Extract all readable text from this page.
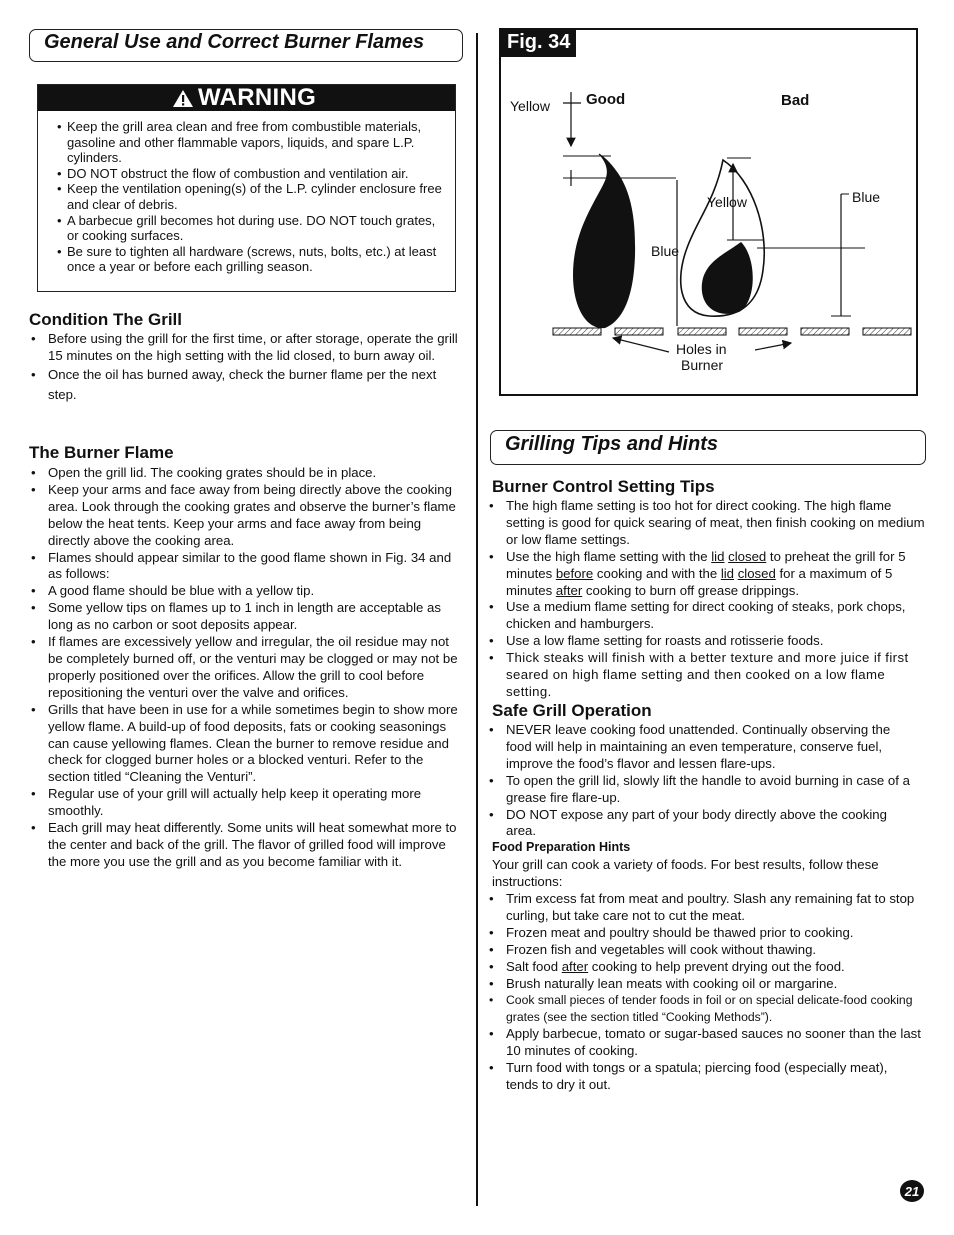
General Use and Correct Burner Flames
WARNING
• Keep the grill area clean and free from combustible materials, gasoline and other flammable vapors, liquids, and spare L.P. cylinders.
• DO NOT obstruct the flow of combustion and ventilation air.
• Keep the ventilation opening(s) of the L.P. cylinder enclosure free and clear of debris.
• A barbecue grill becomes hot during use. DO NOT touch grates, or cooking surfaces.
• Be sure to tighten all hardware (screws, nuts, bolts, etc.) at least once a year or before each grilling season.
Condition The Grill
• Before using the grill for the first time, or after storage, operate the grill 15 minutes on the high setting with the lid closed, to burn away oil.
• Once the oil has burned away, check the burner flame per the next step.
The Burner Flame
• Open the grill lid. The cooking grates should be in place.
• Keep your arms and face away from being directly above the cooking area. Look through the cooking grates and observe the burner’s flame below the heat tents. Keep your arms and face away from being directly above the cooking area.
• Flames should appear similar to the good flame shown in Fig. 34 and as follows:
• A good flame should be blue with a yellow tip.
• Some yellow tips on flames up to 1 inch in length are acceptable as long as no carbon or soot deposits appear.
• If flames are excessively yellow and irregular, the oil residue may not be completely burned off, or the venturi may be clogged or may not be properly positioned over the orifices. Allow the grill to cool before repositioning the venturi over the valve and orifices.
• Grills that have been in use for a while sometimes begin to show more yellow flame. A build-up of food deposits, fats or cooking seasonings can cause yellowing flames. Clean the burner to remove residue and check for clogged burner holes or a blocked venturi. Refer to the section titled “Cleaning the Venturi”.
• Regular use of your grill will actually help keep it operating more smoothly.
• Each grill may heat differently. Some units will heat somewhat more to the center and back of the grill. The flavor of grilled food will improve the more you use the grill and as you become familiar with it.
Fig. 34
Yellow Good	Bad
Blue
Yellow	Blue
Holes in
Burner
Grilling Tips and Hints
Burner Control Setting Tips
• The high flame setting is too hot for direct cooking. The high flame setting is good for quick searing of meat, then finish cooking on medium or low flame settings.
• Use the high flame setting with the lid closed to preheat the grill for 5 minutes before cooking and with the lid closed for a maximum of 5 minutes after cooking to burn off grease drippings.
• Use a medium flame setting for direct cooking of steaks, pork chops, chicken and hamburgers.
• Use a low flame setting for roasts and rotisserie foods.
• Thick steaks will finish with a better texture and more juice if first seared on high flame setting and then cooked on a low flame setting.
Safe Grill Operation
• NEVER leave cooking food unattended. Continually observing the food will help in maintaining an even temperature, conserve fuel, improve the food’s flavor and lessen flare-ups.
• To open the grill lid, slowly lift the handle to avoid burning in case of a grease fire flare-up.
• DO NOT expose any part of your body directly above the cooking area.
Food Preparation Hints
Your grill can cook a variety of foods. For best results, follow these instructions:
• Trim excess fat from meat and poultry. Slash any remaining fat to stop curling, but take care not to cut the meat.
• Frozen meat and poultry should be thawed prior to cooking.
• Frozen fish and vegetables will cook without thawing.
• Salt food after cooking to help prevent drying out the food.
• Brush naturally lean meats with cooking oil or margarine.
• Cook small pieces of tender foods in foil or on special delicate-food cooking grates (see the section titled “Cooking Methods”).
• Apply barbecue, tomato or sugar-based sauces no sooner than the last 10 minutes of cooking.
• Turn food with tongs or a spatula; piercing food (especially meat), tends to dry it out.
21
